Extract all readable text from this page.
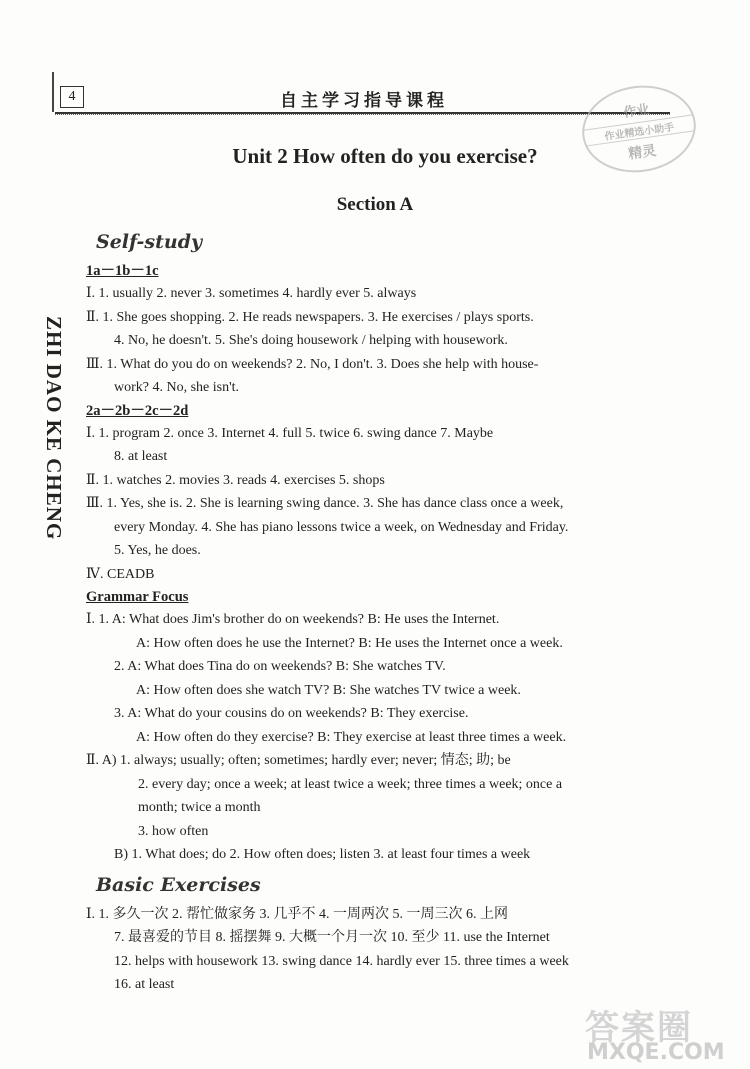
4	自主学习指导课程
作业
作业精选小助手
精灵
ZHI DAO KE CHENG
Unit 2 How often do you exercise?
Section A
Self-study
1a－1b－1c
Ⅰ. 1. usually 2. never 3. sometimes 4. hardly ever 5. always
Ⅱ. 1. She goes shopping. 2. He reads newspapers. 3. He exercises / plays sports.
4. No, he doesn't. 5. She's doing housework / helping with housework.
Ⅲ. 1. What do you do on weekends? 2. No, I don't. 3. Does she help with house-
work? 4. No, she isn't.
2a－2b－2c－2d
Ⅰ. 1. program 2. once 3. Internet 4. full 5. twice 6. swing dance 7. Maybe
8. at least
Ⅱ. 1. watches 2. movies 3. reads 4. exercises 5. shops
Ⅲ. 1. Yes, she is. 2. She is learning swing dance. 3. She has dance class once a week,
every Monday. 4. She has piano lessons twice a week, on Wednesday and Friday.
5. Yes, he does.
Ⅳ. CEADB
Grammar Focus
Ⅰ. 1. A: What does Jim's brother do on weekends? B: He uses the Internet.
A: How often does he use the Internet? B: He uses the Internet once a week.
2. A: What does Tina do on weekends? B: She watches TV.
A: How often does she watch TV? B: She watches TV twice a week.
3. A: What do your cousins do on weekends? B: They exercise.
A: How often do they exercise? B: They exercise at least three times a week.
Ⅱ. A) 1. always; usually; often; sometimes; hardly ever; never; 情态; 助; be
2. every day; once a week; at least twice a week; three times a week; once a
month; twice a month
3. how often
B) 1. What does; do 2. How often does; listen 3. at least four times a week
Basic Exercises
Ⅰ. 1. 多久一次 2. 帮忙做家务 3. 几乎不 4. 一周两次 5. 一周三次 6. 上网
7. 最喜爱的节目 8. 摇摆舞 9. 大概一个月一次 10. 至少 11. use the Internet
12. helps with housework 13. swing dance 14. hardly ever 15. three times a week
16. at least
答案圈
MXQE.COM
